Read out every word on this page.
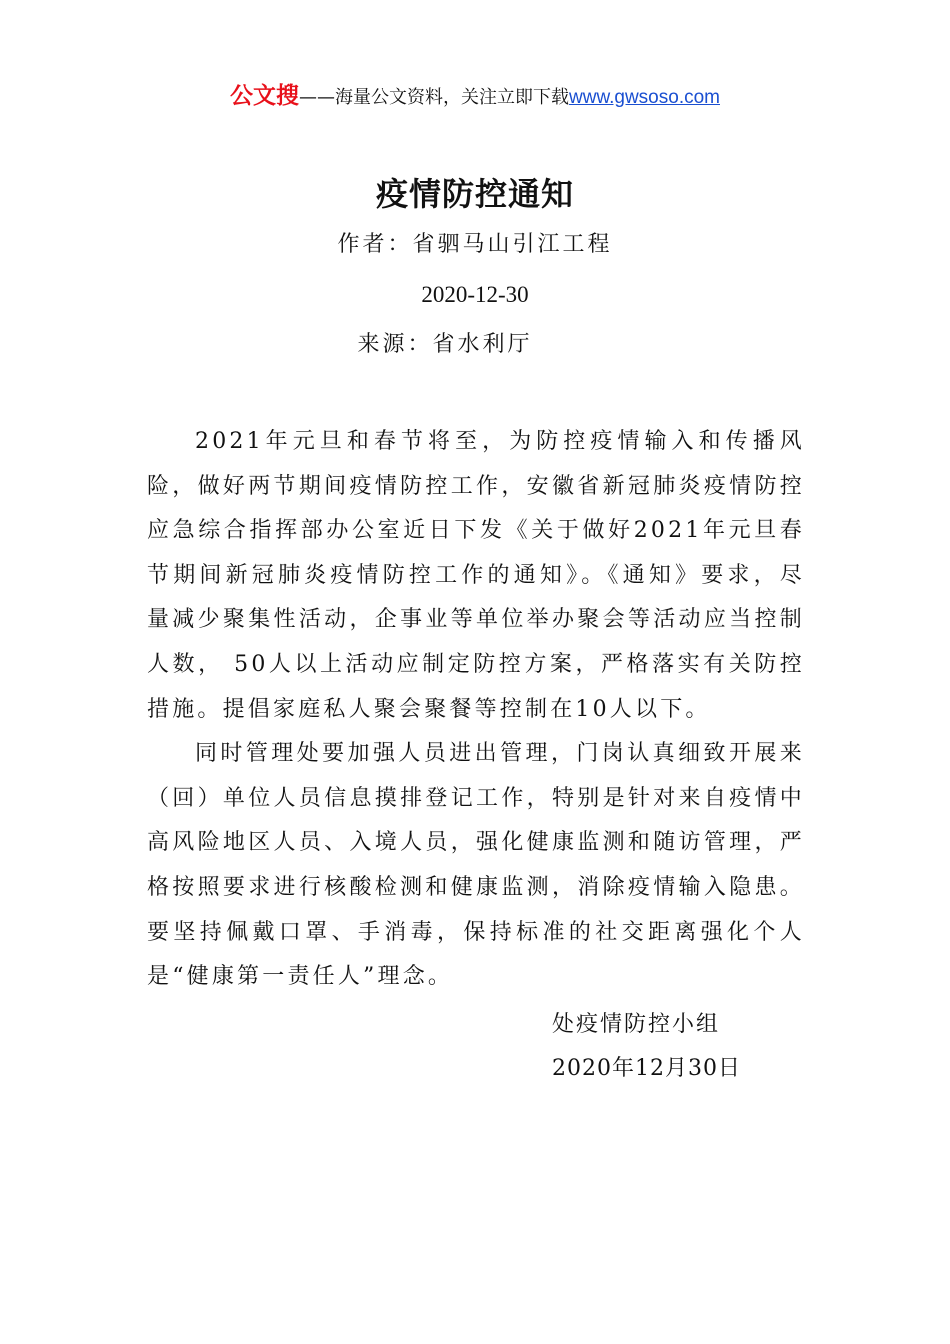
公文搜——海量公文资料，关注立即下载www.gwsoso.com
疫情防控通知
作者：省驷马山引江工程
2020-12-30
来源：省水利厅

2021年元旦和春节将至，为防控疫情输入和传播风险，做好两节期间疫情防控工作，安徽省新冠肺炎疫情防控应急综合指挥部办公室近日下发《关于做好2021年元旦春节期间新冠肺炎疫情防控工作的通知》。《通知》要求，尽量减少聚集性活动，企事业等单位举办聚会等活动应当控制人数， 50人以上活动应制定防控方案，严格落实有关防控措施。提倡家庭私人聚会聚餐等控制在10人以下。

同时管理处要加强人员进出管理，门岗认真细致开展来（回）单位人员信息摸排登记工作，特别是针对来自疫情中高风险地区人员、入境人员，强化健康监测和随访管理，严格按照要求进行核酸检测和健康监测，消除疫情输入隐患。要坚持佩戴口罩、手消毒，保持标准的社交距离强化个人是“健康第一责任人”理念。

处疫情防控小组
2020年12月30日
